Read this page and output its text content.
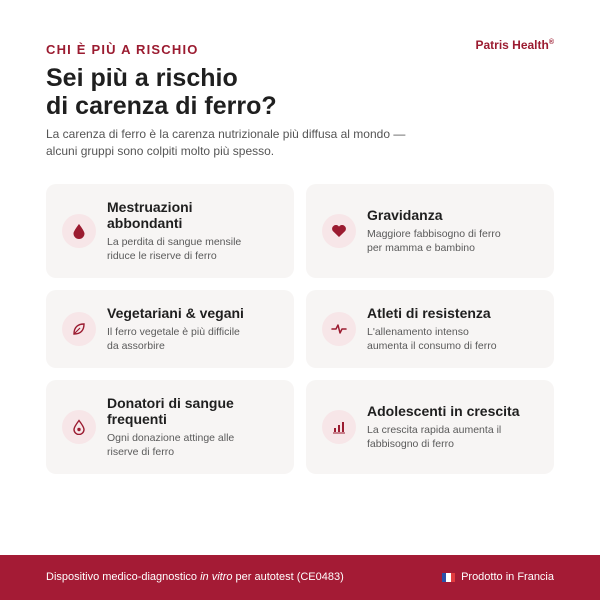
CHI È PIÙ A RISCHIO	Patris Health®
Sei più a rischio
di carenza di ferro?

La carenza di ferro è la carenza nutrizionale più diffusa al mondo —
alcuni gruppi sono colpiti molto più spesso.

Mestruazioni
abbondanti
La perdita di sangue mensile
riduce le riserve di ferro
Gravidanza
Maggiore fabbisogno di ferro
per mamma e bambino
Vegetariani & vegani
Il ferro vegetale è più difficile
da assorbire
Atleti di resistenza
L'allenamento intenso
aumenta il consumo di ferro
Donatori di sangue
frequenti
Ogni donazione attinge alle
riserve di ferro
Adolescenti in crescita
La crescita rapida aumenta il
fabbisogno di ferro
Dispositivo medico-diagnostico in vitro per autotest (CE0483)	Prodotto in Francia
